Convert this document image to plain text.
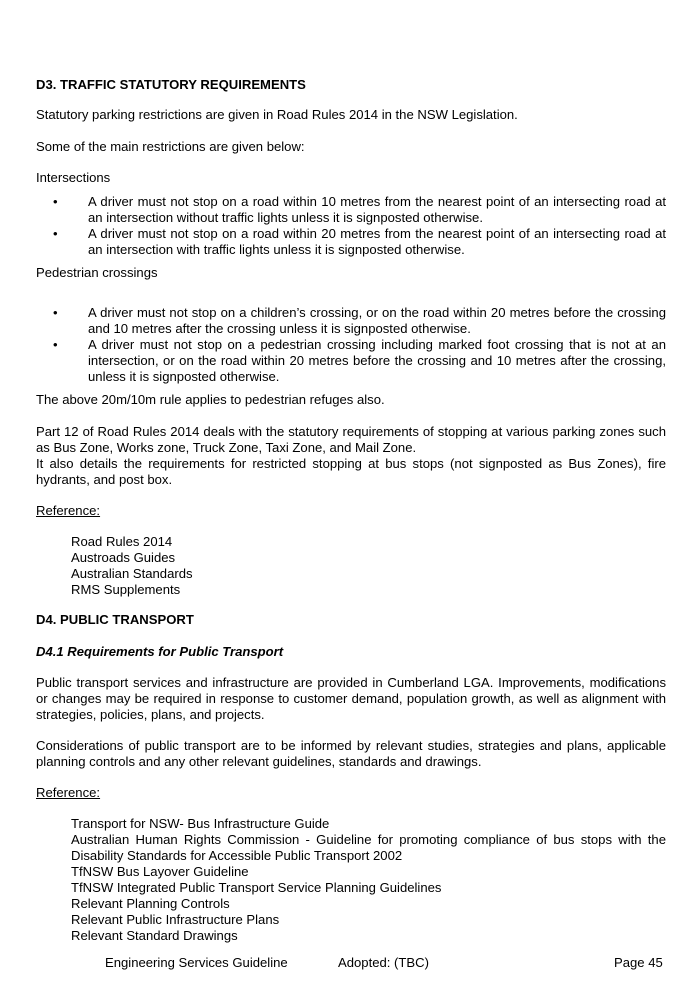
D3. TRAFFIC STATUTORY REQUIREMENTS

Statutory parking restrictions are given in Road Rules 2014 in the NSW Legislation.

Some of the main restrictions are given below:

Intersections

• A driver must not stop on a road within 10 metres from the nearest point of an intersecting road at an intersection without traffic lights unless it is signposted otherwise.
• A driver must not stop on a road within 20 metres from the nearest point of an intersecting road at an intersection with traffic lights unless it is signposted otherwise.

Pedestrian crossings

• A driver must not stop on a children’s crossing, or on the road within 20 metres before the crossing and 10 metres after the crossing unless it is signposted otherwise.
• A driver must not stop on a pedestrian crossing including marked foot crossing that is not at an intersection, or on the road within 20 metres before the crossing and 10 metres after the crossing, unless it is signposted otherwise.

The above 20m/10m rule applies to pedestrian refuges also.

Part 12 of Road Rules 2014 deals with the statutory requirements of stopping at various parking zones such as Bus Zone, Works zone, Truck Zone, Taxi Zone, and Mail Zone.

It also details the requirements for restricted stopping at bus stops (not signposted as Bus Zones), fire hydrants, and post box.

Reference:

Road Rules 2014
Austroads Guides
Australian Standards
RMS Supplements
D4. PUBLIC TRANSPORT
D4.1 Requirements for Public Transport

Public transport services and infrastructure are provided in Cumberland LGA. Improvements, modifications or changes may be required in response to customer demand, population growth, as well as alignment with strategies, policies, plans, and projects.

Considerations of public transport are to be informed by relevant studies, strategies and plans, applicable planning controls and any other relevant guidelines, standards and drawings.

Reference:

Transport for NSW- Bus Infrastructure Guide
Australian Human Rights Commission - Guideline for promoting compliance of bus stops with the Disability Standards for Accessible Public Transport 2002
TfNSW Bus Layover Guideline
TfNSW Integrated Public Transport Service Planning Guidelines
Relevant Planning Controls
Relevant Public Infrastructure Plans
Relevant Standard Drawings
Engineering Services Guideline	Adopted: (TBC)	Page 45
